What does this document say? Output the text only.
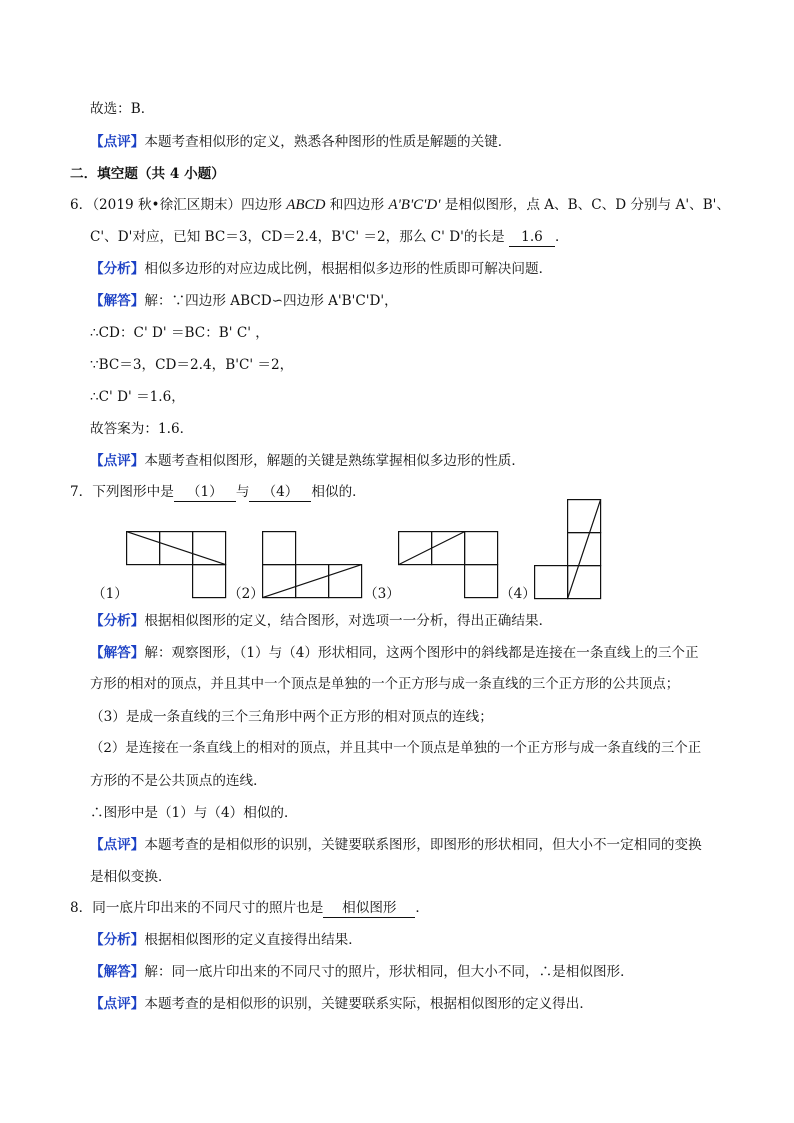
故选：B．
【点评】本题考查相似形的定义，熟悉各种图形的性质是解题的关键．
二．填空题（共 4 小题）
6．（2019 秋•徐汇区期末）四边形 ABCD 和四边形 A'B'C'D' 是相似图形，点 A、B、C、D 分别与 A'、B'、
C'、D'对应，已知 BC＝3，CD＝2.4，B'C' ＝2，那么 C' D'的长是 1.6 ．
【分析】相似多边形的对应边成比例，根据相似多边形的性质即可解决问题．
【解答】解：∵四边形 ABCD∽四边形 A'B'C'D'，
∴CD：C' D' ＝BC：B' C' ，
∵BC＝3，CD＝2.4，B'C' ＝2，
∴C' D' ＝1.6，
故答案为：1.6．
【点评】本题考查相似图形，解题的关键是熟练掌握相似多边形的性质．
7．下列图形中是 （1） 与 （4） 相似的．
（1）	（2）	（3）	（4）
【分析】根据相似图形的定义，结合图形，对选项一一分析，得出正确结果．
【解答】解：观察图形，（1）与（4）形状相同，这两个图形中的斜线都是连接在一条直线上的三个正
方形的相对的顶点，并且其中一个顶点是单独的一个正方形与成一条直线的三个正方形的公共顶点；
（3）是成一条直线的三个三角形中两个正方形的相对顶点的连线；
（2）是连接在一条直线上的相对的顶点，并且其中一个顶点是单独的一个正方形与成一条直线的三个正
方形的不是公共顶点的连线．
∴图形中是（1）与（4）相似的．
【点评】本题考查的是相似形的识别，关键要联系图形，即图形的形状相同，但大小不一定相同的变换
是相似变换．
8．同一底片印出来的不同尺寸的照片也是 相似图形 ．
【分析】根据相似图形的定义直接得出结果．
【解答】解：同一底片印出来的不同尺寸的照片，形状相同，但大小不同，∴是相似图形．
【点评】本题考查的是相似形的识别，关键要联系实际，根据相似图形的定义得出．
